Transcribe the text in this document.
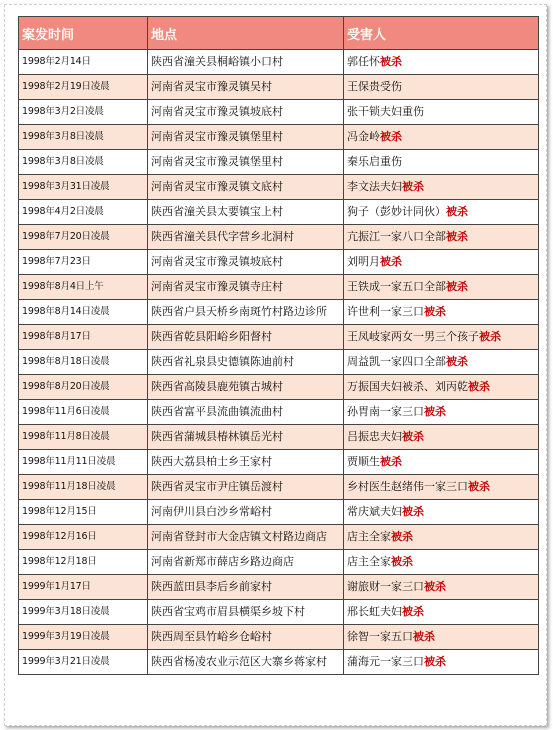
案发时间	地点	受害人
1998年2月14日	陕西省潼关县桐峪镇小口村	郭任怀被杀
1998年2月19日凌晨	河南省灵宝市豫灵镇吴村	王保贵受伤
1998年3月2日凌晨	河南省灵宝市豫灵镇坡底村	张干锁夫妇重伤
1998年3月8日凌晨	河南省灵宝市豫灵镇堡里村	冯金岭被杀
1998年3月8日凌晨	河南省灵宝市豫灵镇堡里村	秦乐启重伤
1998年3月31日凌晨	河南省灵宝市豫灵镇文底村	李文法夫妇被杀
1998年4月2日凌晨	陕西省潼关县太要镇宝上村	狗子（彭妙计同伙）被杀
1998年7月20日凌晨	陕西省潼关县代字营乡北洞村	亢振江一家八口全部被杀
1998年7月23日	河南省灵宝市豫灵镇坡底村	刘明月被杀
1998年8月4日上午	河南省灵宝市豫灵镇寺庄村	王铁成一家五口全部被杀
1998年8月14日凌晨	陕西省户县天桥乡南斑竹村路边诊所	许世利一家三口被杀
1998年8月17日	陕西省乾县阳峪乡阳督村	王凤岐家两女一男三个孩子被杀
1998年8月18日凌晨	陕西省礼泉县史德镇陈迪前村	周益凯一家四口全部被杀
1998年8月20日凌晨	陕西省高陵县鹿苑镇古城村	万振国夫妇被杀、刘丙乾被杀
1998年11月6日凌晨	陕西省富平县流曲镇流曲村	孙胃南一家三口被杀
1998年11月8日凌晨	陕西省蒲城县椿林镇岳光村	吕振忠夫妇被杀
1998年11月11日凌晨	陕西大荔县柏士乡王家村	贾顺生被杀
1998年11月18日凌晨	陕西省灵宝市尹庄镇岳渡村	乡村医生赵绪伟一家三口被杀
1998年12月15日	河南伊川县白沙乡常峪村	常庆斌夫妇被杀
1998年12月16日	河南省登封市大金店镇文村路边商店	店主全家被杀
1998年12月18日	河南省新郑市薛店乡路边商店	店主全家被杀
1999年1月17日	陕西蓝田县李后乡前家村	谢旅财一家三口被杀
1999年3月18日凌晨	陕西省宝鸡市眉县横渠乡坡下村	邢长虹夫妇被杀
1999年3月19日凌晨	陕西周至县竹峪乡仓峪村	徐智一家五口被杀
1999年3月21日凌晨	陕西省杨凌农业示范区大寨乡蒋家村	蒲海元一家三口被杀
